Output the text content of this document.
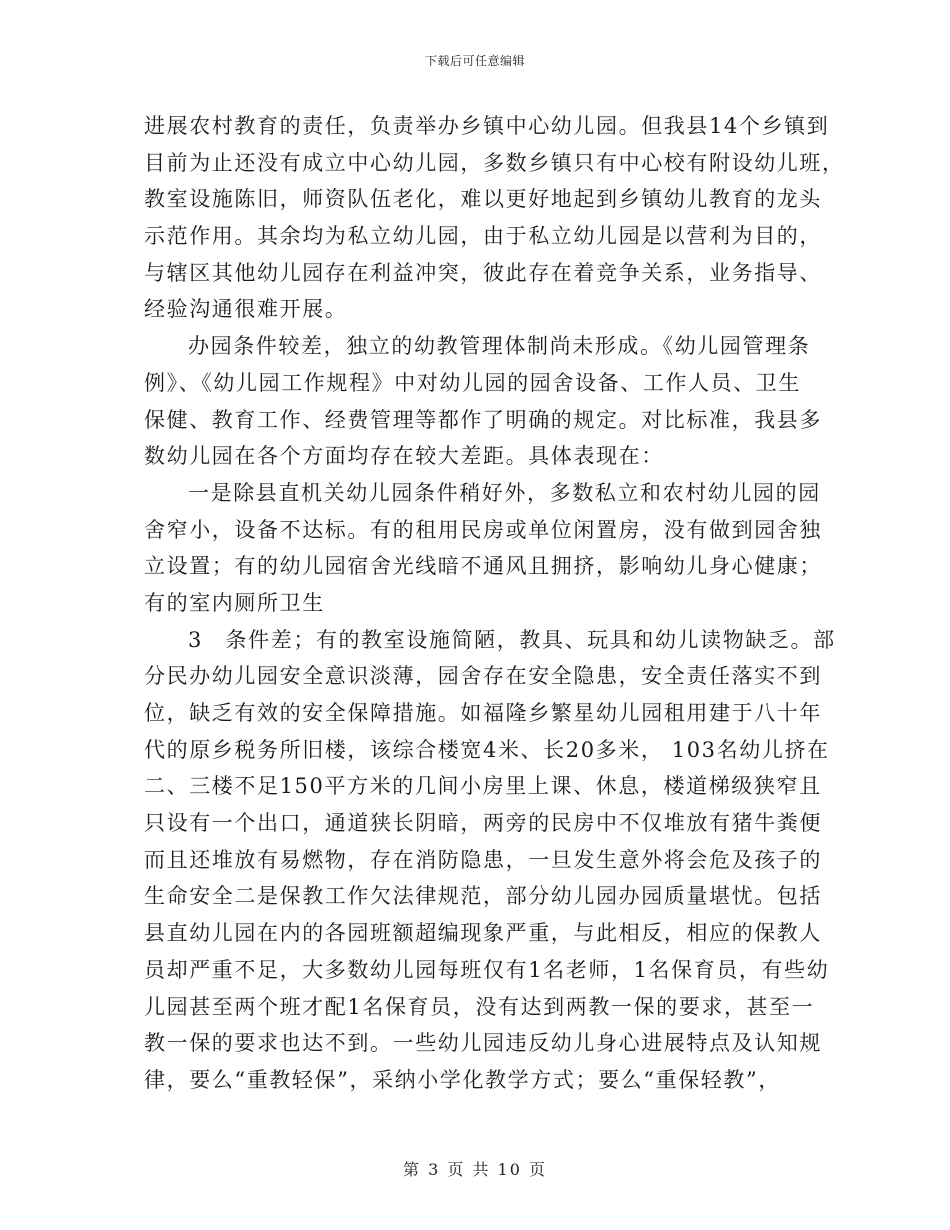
下载后可任意编辑
进展农村教育的责任，负责举办乡镇中心幼儿园。但我县14个乡镇到
目前为止还没有成立中心幼儿园，多数乡镇只有中心校有附设幼儿班，
教室设施陈旧，师资队伍老化，难以更好地起到乡镇幼儿教育的龙头
示范作用。其余均为私立幼儿园，由于私立幼儿园是以营利为目的，
与辖区其他幼儿园存在利益冲突，彼此存在着竞争关系，业务指导、
经验沟通很难开展。
办园条件较差，独立的幼教管理体制尚未形成。《幼儿园管理条
例》、《幼儿园工作规程》中对幼儿园的园舍设备、工作人员、卫生
保健、教育工作、经费管理等都作了明确的规定。对比标准，我县多
数幼儿园在各个方面均存在较大差距。具体表现在：
一是除县直机关幼儿园条件稍好外，多数私立和农村幼儿园的园
舍窄小，设备不达标。有的租用民房或单位闲置房，没有做到园舍独
立设置；有的幼儿园宿舍光线暗不通风且拥挤，影响幼儿身心健康；
有的室内厕所卫生
3　条件差；有的教室设施简陋，教具、玩具和幼儿读物缺乏。部
分民办幼儿园安全意识淡薄，园舍存在安全隐患，安全责任落实不到
位，缺乏有效的安全保障措施。如福隆乡繁星幼儿园租用建于八十年
代的原乡税务所旧楼，该综合楼宽4米、长20多米， 103名幼儿挤在
二、三楼不足150平方米的几间小房里上课、休息，楼道梯级狭窄且
只设有一个出口，通道狭长阴暗，两旁的民房中不仅堆放有猪牛粪便
而且还堆放有易燃物，存在消防隐患，一旦发生意外将会危及孩子的
生命安全二是保教工作欠法律规范，部分幼儿园办园质量堪忧。包括
县直幼儿园在内的各园班额超编现象严重，与此相反，相应的保教人
员却严重不足，大多数幼儿园每班仅有1名老师，1名保育员，有些幼
儿园甚至两个班才配1名保育员，没有达到两教一保的要求，甚至一
教一保的要求也达不到。一些幼儿园违反幼儿身心进展特点及认知规
律，要么“重教轻保”，采纳小学化教学方式；要么“重保轻教”，
第 3 页 共 10 页
